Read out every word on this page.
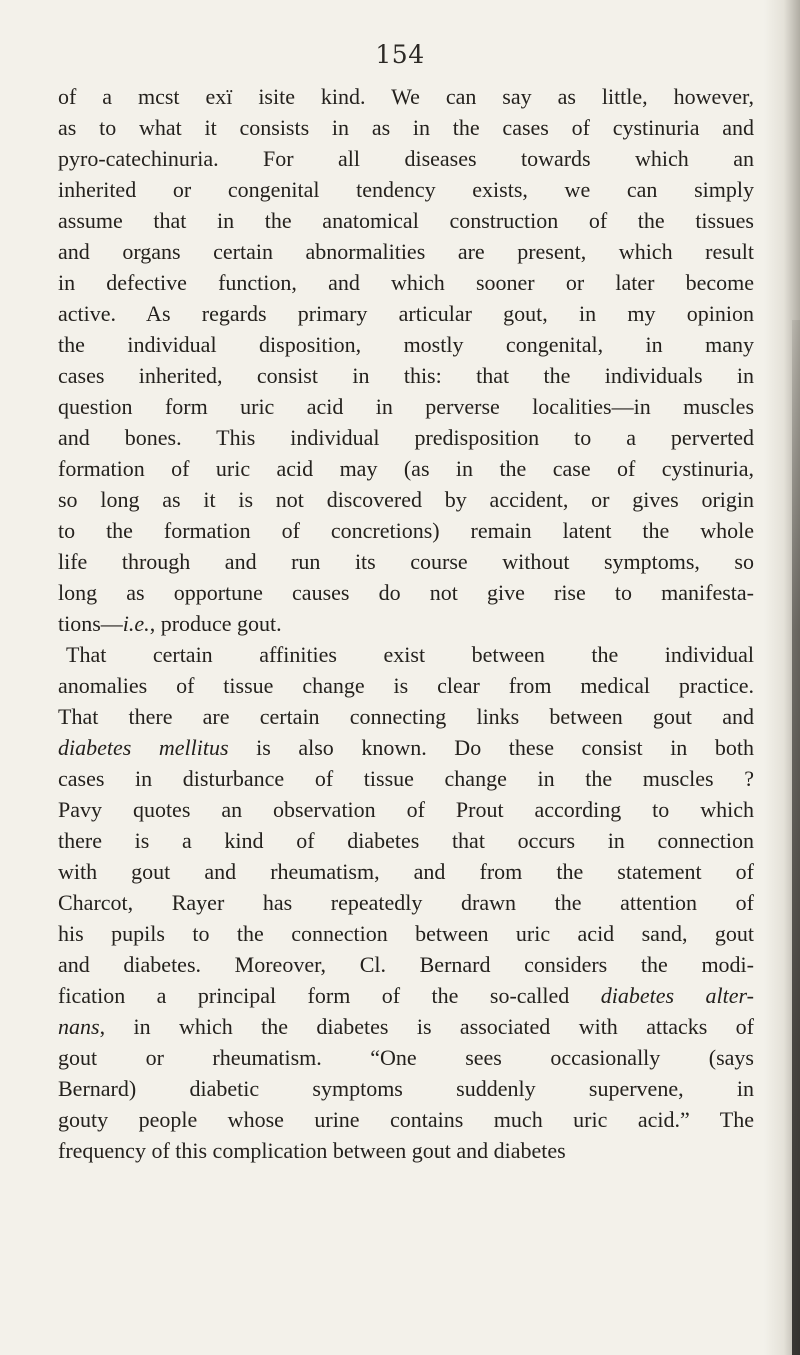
154
of a mcst exї isite kind. We can say as little, however,
as to what it consists in as in the cases of cystinuria and
pyro-catechinuria. For all diseases towards which an
inherited or congenital tendency exists, we can simply
assume that in the anatomical construction of the tissues
and organs certain abnormalities are present, which result
in defective function, and which sooner or later become
active. As regards primary articular gout, in my opinion
the individual disposition, mostly congenital, in many
cases inherited, consist in this: that the individuals in
question form uric acid in perverse localities—in muscles
and bones. This individual predisposition to a perverted
formation of uric acid may (as in the case of cystinuria,
so long as it is not discovered by accident, or gives origin
to the formation of concretions) remain latent the whole
life through and run its course without symptoms, so
long as opportune causes do not give rise to manifesta-
tions—i.e., produce gout.
That certain affinities exist between the individual
anomalies of tissue change is clear from medical practice.
That there are certain connecting links between gout and
diabetes mellitus is also known. Do these consist in both
cases in disturbance of tissue change in the muscles ?
Pavy quotes an observation of Prout according to which
there is a kind of diabetes that occurs in connection
with gout and rheumatism, and from the statement of
Charcot, Rayer has repeatedly drawn the attention of
his pupils to the connection between uric acid sand, gout
and diabetes. Moreover, Cl. Bernard considers the modi-
fication a principal form of the so-called diabetes alter-
nans, in which the diabetes is associated with attacks of
gout or rheumatism. “One sees occasionally (says
Bernard) diabetic symptoms suddenly supervene, in
gouty people whose urine contains much uric acid.” The
frequency of this complication between gout and diabetes
